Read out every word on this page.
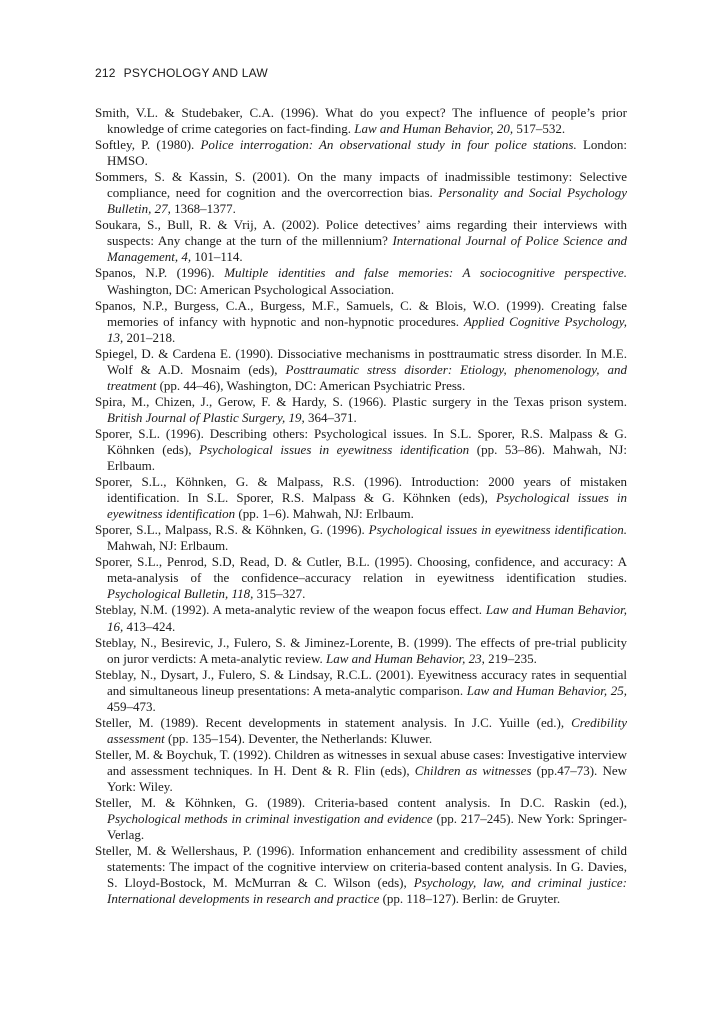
212 PSYCHOLOGY AND LAW

Smith, V.L. & Studebaker, C.A. (1996). What do you expect? The influence of people’s prior knowledge of crime categories on fact-finding. Law and Human Behavior, 20, 517–532.

Softley, P. (1980). Police interrogation: An observational study in four police stations. London: HMSO.

Sommers, S. & Kassin, S. (2001). On the many impacts of inadmissible testimony: Selective compliance, need for cognition and the overcorrection bias. Personality and Social Psychology Bulletin, 27, 1368–1377.

Soukara, S., Bull, R. & Vrij, A. (2002). Police detectives’ aims regarding their interviews with suspects: Any change at the turn of the millennium? International Journal of Police Science and Management, 4, 101–114.

Spanos, N.P. (1996). Multiple identities and false memories: A sociocognitive perspective. Washington, DC: American Psychological Association.

Spanos, N.P., Burgess, C.A., Burgess, M.F., Samuels, C. & Blois, W.O. (1999). Creating false memories of infancy with hypnotic and non-hypnotic procedures. Applied Cognitive Psychology, 13, 201–218.

Spiegel, D. & Cardena E. (1990). Dissociative mechanisms in posttraumatic stress disorder. In M.E. Wolf & A.D. Mosnaim (eds), Posttraumatic stress disorder: Etiology, phenomenology, and treatment (pp. 44–46), Washington, DC: American Psychiatric Press.

Spira, M., Chizen, J., Gerow, F. & Hardy, S. (1966). Plastic surgery in the Texas prison system. British Journal of Plastic Surgery, 19, 364–371.

Sporer, S.L. (1996). Describing others: Psychological issues. In S.L. Sporer, R.S. Malpass & G. Köhnken (eds), Psychological issues in eyewitness identification (pp. 53–86). Mahwah, NJ: Erlbaum.

Sporer, S.L., Köhnken, G. & Malpass, R.S. (1996). Introduction: 2000 years of mistaken identification. In S.L. Sporer, R.S. Malpass & G. Köhnken (eds), Psychological issues in eyewitness identification (pp. 1–6). Mahwah, NJ: Erlbaum.

Sporer, S.L., Malpass, R.S. & Köhnken, G. (1996). Psychological issues in eyewitness identification. Mahwah, NJ: Erlbaum.

Sporer, S.L., Penrod, S.D, Read, D. & Cutler, B.L. (1995). Choosing, confidence, and accuracy: A meta-analysis of the confidence–accuracy relation in eyewitness identification studies. Psychological Bulletin, 118, 315–327.

Steblay, N.M. (1992). A meta-analytic review of the weapon focus effect. Law and Human Behavior, 16, 413–424.

Steblay, N., Besirevic, J., Fulero, S. & Jiminez-Lorente, B. (1999). The effects of pre-trial publicity on juror verdicts: A meta-analytic review. Law and Human Behavior, 23, 219–235.

Steblay, N., Dysart, J., Fulero, S. & Lindsay, R.C.L. (2001). Eyewitness accuracy rates in sequential and simultaneous lineup presentations: A meta-analytic comparison. Law and Human Behavior, 25, 459–473.

Steller, M. (1989). Recent developments in statement analysis. In J.C. Yuille (ed.), Credibility assessment (pp. 135–154). Deventer, the Netherlands: Kluwer.

Steller, M. & Boychuk, T. (1992). Children as witnesses in sexual abuse cases: Investigative interview and assessment techniques. In H. Dent & R. Flin (eds), Children as witnesses (pp.47–73). New York: Wiley.

Steller, M. & Köhnken, G. (1989). Criteria-based content analysis. In D.C. Raskin (ed.), Psychological methods in criminal investigation and evidence (pp. 217–245). New York: Springer-Verlag.

Steller, M. & Wellershaus, P. (1996). Information enhancement and credibility assessment of child statements: The impact of the cognitive interview on criteria-based content analysis. In G. Davies, S. Lloyd-Bostock, M. McMurran & C. Wilson (eds), Psychology, law, and criminal justice: International developments in research and practice (pp. 118–127). Berlin: de Gruyter.
